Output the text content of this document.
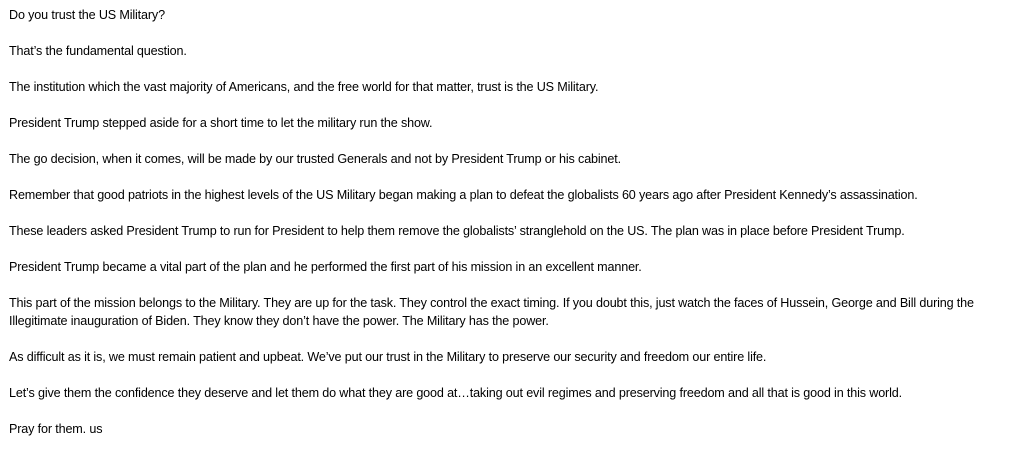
Do you trust the US Military?

That’s the fundamental question.

The institution which the vast majority of Americans, and the free world for that matter, trust is the US Military.

President Trump stepped aside for a short time to let the military run the show.

The go decision, when it comes, will be made by our trusted Generals and not by President Trump or his cabinet.

Remember that good patriots in the highest levels of the US Military began making a plan to defeat the globalists 60 years ago after President Kennedy’s assassination.

These leaders asked President Trump to run for President to help them remove the globalists’ stranglehold on the US. The plan was in place before President Trump.

President Trump became a vital part of the plan and he performed the first part of his mission in an excellent manner.

This part of the mission belongs to the Military. They are up for the task. They control the exact timing. If you doubt this, just watch the faces of Hussein, George and Bill during the Illegitimate inauguration of Biden. They know they don’t have the power. The Military has the power.

As difficult as it is, we must remain patient and upbeat. We’ve put our trust in the Military to preserve our security and freedom our entire life.

Let’s give them the confidence they deserve and let them do what they are good at…taking out evil regimes and preserving freedom and all that is good in this world.

Pray for them. us
